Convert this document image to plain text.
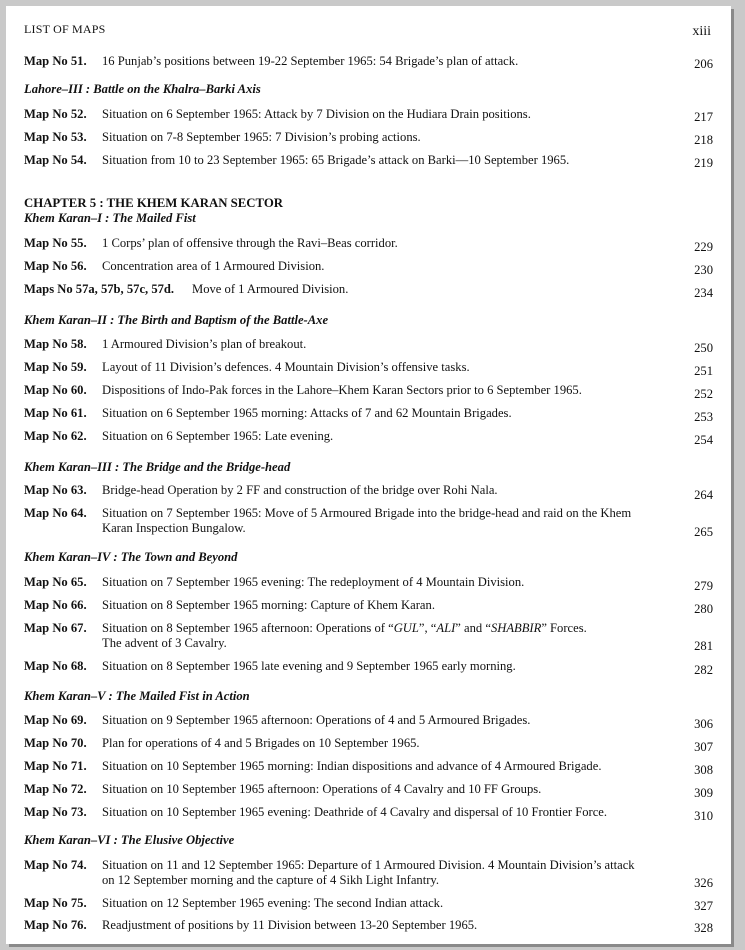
LIST OF MAPS	xiii
Map No 51. 16 Punjab’s positions between 19-22 September 1965: 54 Brigade’s plan of attack.	206
Lahore–III : Battle on the Khalra–Barki Axis
Map No 52. Situation on 6 September 1965: Attack by 7 Division on the Hudiara Drain positions.	217
Map No 53. Situation on 7-8 September 1965: 7 Division’s probing actions.	218
Map No 54. Situation from 10 to 23 September 1965: 65 Brigade’s attack on Barki—10 September 1965.	219
CHAPTER 5 : THE KHEM KARAN SECTOR
Khem Karan–I : The Mailed Fist
Map No 55. 1 Corps’ plan of offensive through the Ravi–Beas corridor.	229
Map No 56. Concentration area of 1 Armoured Division.	230
Maps No 57a, 57b, 57c, 57d. Move of 1 Armoured Division.	234
Khem Karan–II : The Birth and Baptism of the Battle-Axe
Map No 58. 1 Armoured Division’s plan of breakout.	250
Map No 59. Layout of 11 Division’s defences. 4 Mountain Division’s offensive tasks.	251
Map No 60. Dispositions of Indo-Pak forces in the Lahore–Khem Karan Sectors prior to 6 September 1965.	252
Map No 61. Situation on 6 September 1965 morning: Attacks of 7 and 62 Mountain Brigades.	253
Map No 62. Situation on 6 September 1965: Late evening.	254
Khem Karan–III : The Bridge and the Bridge-head
Map No 63. Bridge-head Operation by 2 FF and construction of the bridge over Rohi Nala.	264
Map No 64. Situation on 7 September 1965: Move of 5 Armoured Brigade into the bridge-head and raid on the Khem Karan Inspection Bungalow.	265
Khem Karan–IV : The Town and Beyond
Map No 65. Situation on 7 September 1965 evening: The redeployment of 4 Mountain Division.	279
Map No 66. Situation on 8 September 1965 morning: Capture of Khem Karan.	280
Map No 67. Situation on 8 September 1965 afternoon: Operations of “GUL”, “ALI” and “SHABBIR” Forces.
The advent of 3 Cavalry.	281
Map No 68. Situation on 8 September 1965 late evening and 9 September 1965 early morning.	282
Khem Karan–V : The Mailed Fist in Action
Map No 69. Situation on 9 September 1965 afternoon: Operations of 4 and 5 Armoured Brigades.	306
Map No 70. Plan for operations of 4 and 5 Brigades on 10 September 1965.	307
Map No 71. Situation on 10 September 1965 morning: Indian dispositions and advance of 4 Armoured Brigade.	308
Map No 72. Situation on 10 September 1965 afternoon: Operations of 4 Cavalry and 10 FF Groups.	309
Map No 73. Situation on 10 September 1965 evening: Deathride of 4 Cavalry and dispersal of 10 Frontier Force.	310
Khem Karan–VI : The Elusive Objective
Map No 74. Situation on 11 and 12 September 1965: Departure of 1 Armoured Division. 4 Mountain Division’s attack on 12 September morning and the capture of 4 Sikh Light Infantry.	326
Map No 75. Situation on 12 September 1965 evening: The second Indian attack.	327
Map No 76. Readjustment of positions by 11 Division between 13-20 September 1965.	328
